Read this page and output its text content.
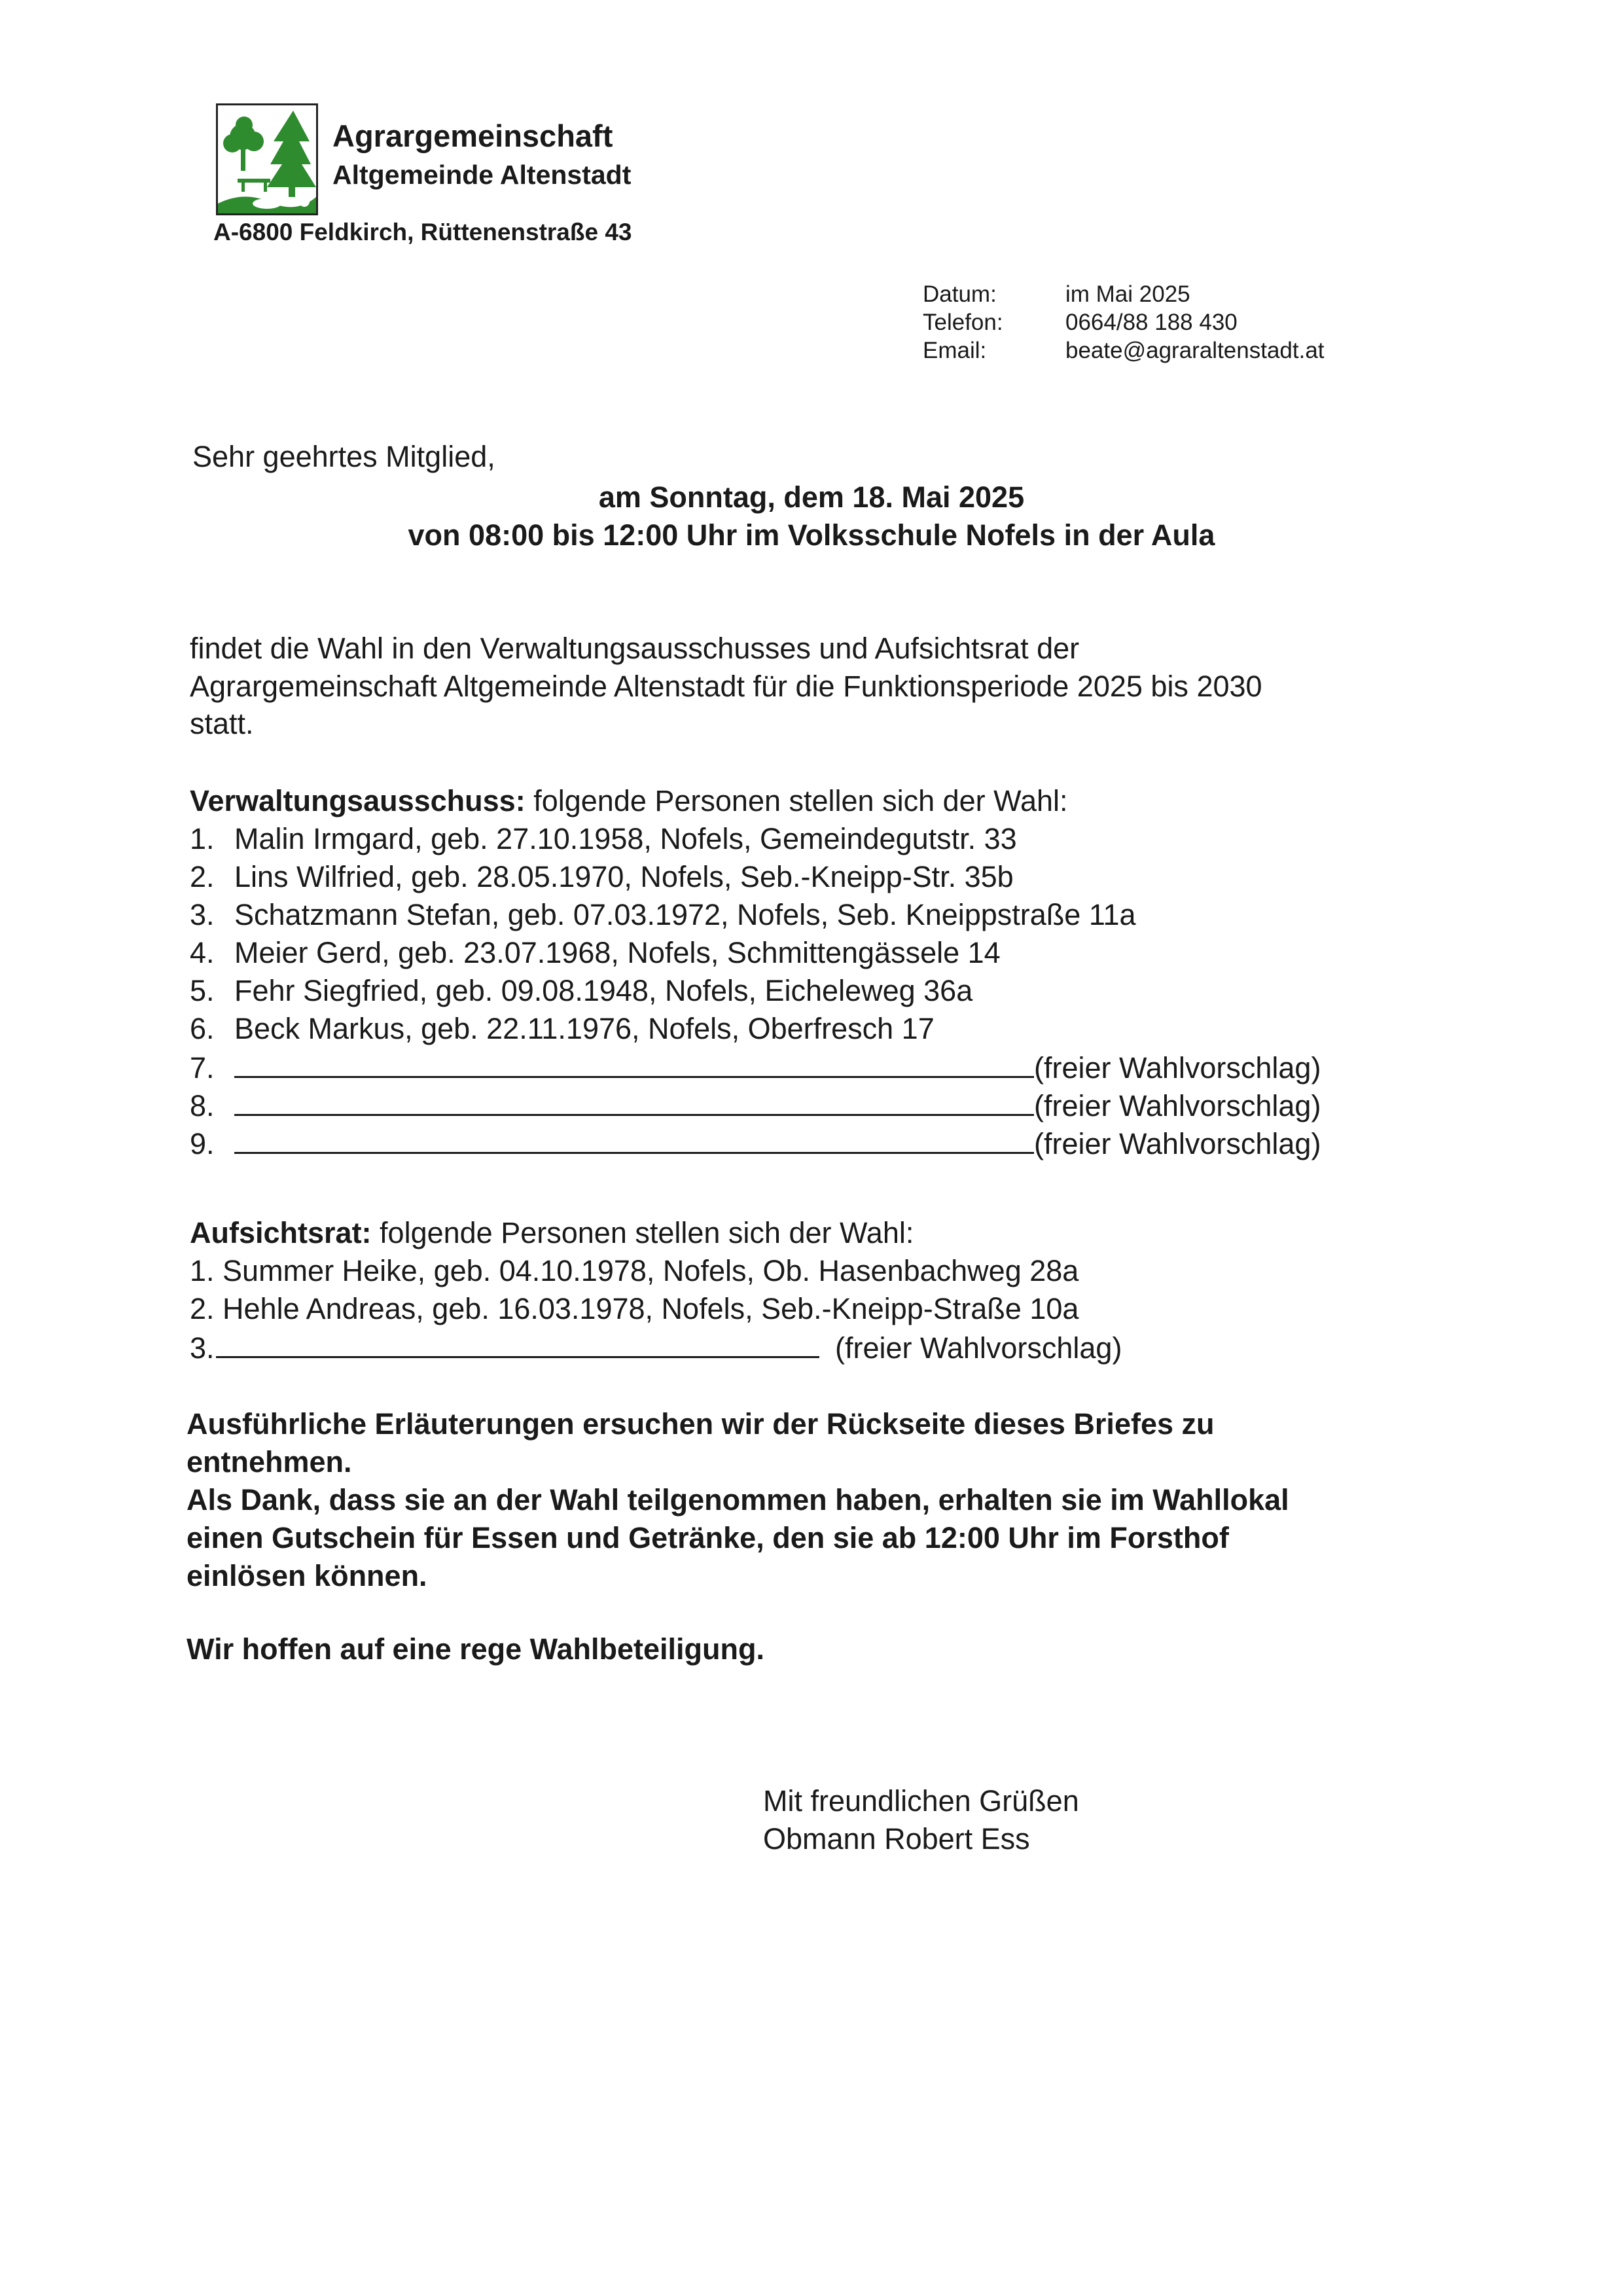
Agrargemeinschaft
Altgemeinde Altenstadt
A-6800 Feldkirch, Rüttenenstraße 43
Datum:	im Mai 2025
Telefon:	0664/88 188 430
Email:	beate@agraraltenstadt.at
Sehr geehrtes Mitglied,
am Sonntag, dem 18. Mai 2025
von 08:00 bis 12:00 Uhr im Volksschule Nofels in der Aula
findet die Wahl in den Verwaltungsausschusses und Aufsichtsrat der
Agrargemeinschaft Altgemeinde Altenstadt für die Funktionsperiode 2025 bis 2030
statt.
Verwaltungsausschuss: folgende Personen stellen sich der Wahl:
1. Malin Irmgard, geb. 27.10.1958, Nofels, Gemeindegutstr. 33
2. Lins Wilfried, geb. 28.05.1970, Nofels, Seb.-Kneipp-Str. 35b
3. Schatzmann Stefan, geb. 07.03.1972, Nofels, Seb. Kneippstraße 11a
4. Meier Gerd, geb. 23.07.1968, Nofels, Schmittengässele 14
5. Fehr Siegfried, geb. 09.08.1948, Nofels, Eicheleweg 36a
6. Beck Markus, geb. 22.11.1976, Nofels, Oberfresch 17
7.	(freier Wahlvorschlag)
8.	(freier Wahlvorschlag)
9.	(freier Wahlvorschlag)
Aufsichtsrat: folgende Personen stellen sich der Wahl:
1. Summer Heike, geb. 04.10.1978, Nofels, Ob. Hasenbachweg 28a
2. Hehle Andreas, geb. 16.03.1978, Nofels, Seb.-Kneipp-Straße 10a
3.	(freier Wahlvorschlag)
Ausführliche Erläuterungen ersuchen wir der Rückseite dieses Briefes zu
entnehmen.
Als Dank, dass sie an der Wahl teilgenommen haben, erhalten sie im Wahllokal
einen Gutschein für Essen und Getränke, den sie ab 12:00 Uhr im Forsthof
einlösen können.
Wir hoffen auf eine rege Wahlbeteiligung.
Mit freundlichen Grüßen
Obmann Robert Ess
